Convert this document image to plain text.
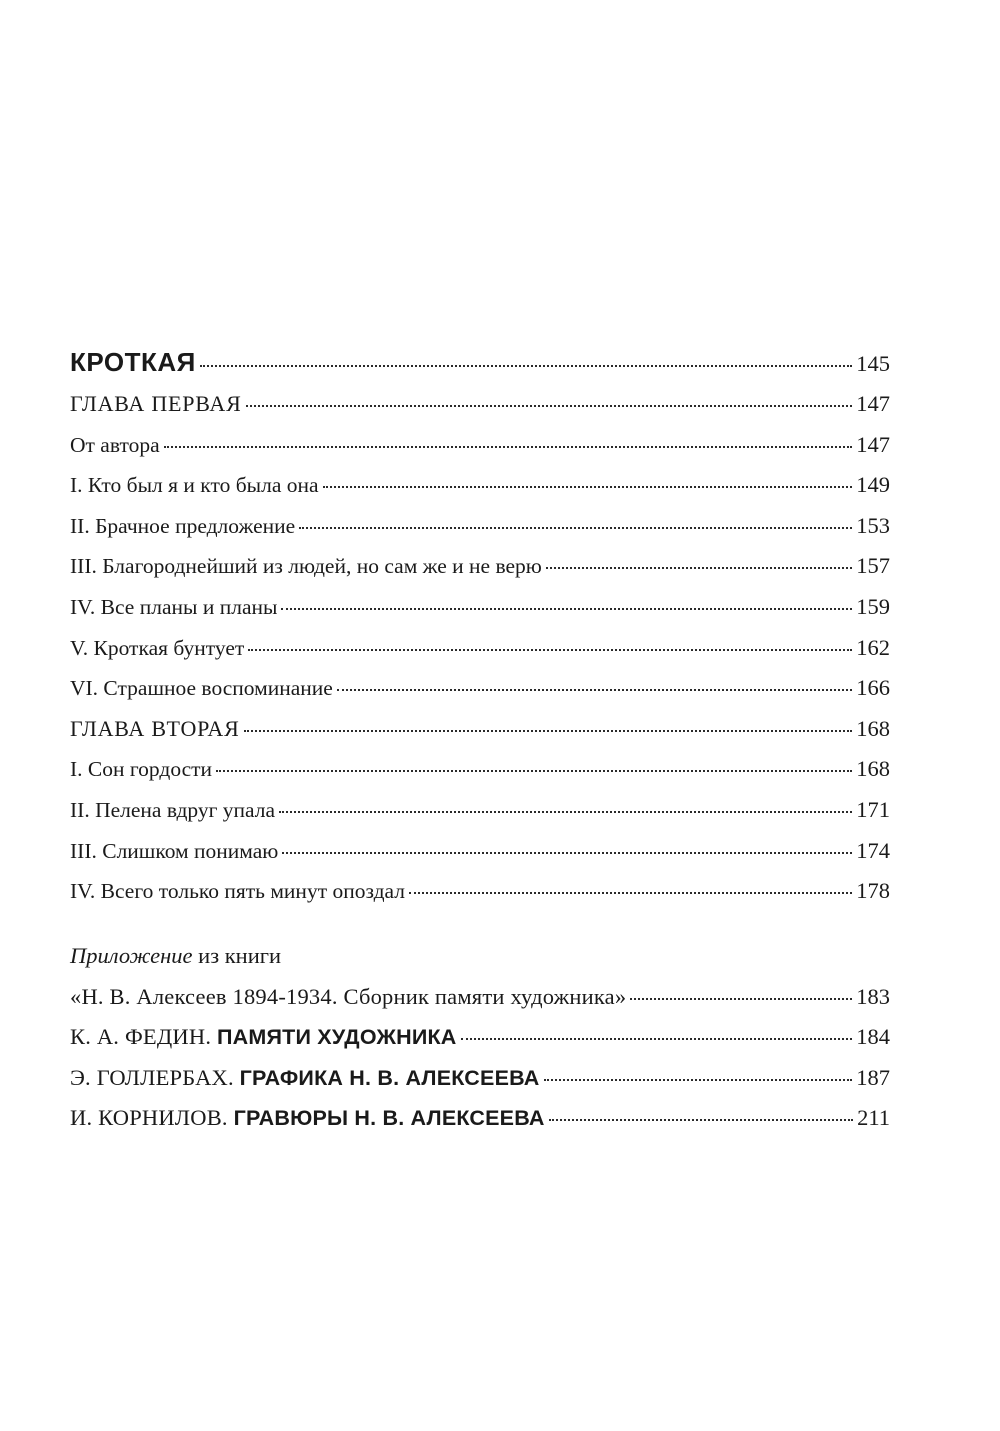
КРОТКАЯ	145
ГЛАВА ПЕРВАЯ	147
От автора	147
I. Кто был я и кто была она	149
II. Брачное предложение	153
III. Благороднейший из людей, но сам же и не верю	157
IV. Все планы и планы	159
V. Кроткая бунтует	162
VI. Страшное воспоминание	166
ГЛАВА ВТОРАЯ	168
I. Сон гордости	168
II. Пелена вдруг упала	171
III. Слишком понимаю	174
IV. Всего только пять минут опоздал	178
Приложение из книги
«Н. В. Алексеев 1894-1934. Сборник памяти художника»	183
К. А. ФЕДИН. ПАМЯТИ ХУДОЖНИКА	184
Э. ГОЛЛЕРБАХ. ГРАФИКА Н. В. АЛЕКСЕЕВА	187
И. КОРНИЛОВ. ГРАВЮРЫ Н. В. АЛЕКСЕЕВА	211
